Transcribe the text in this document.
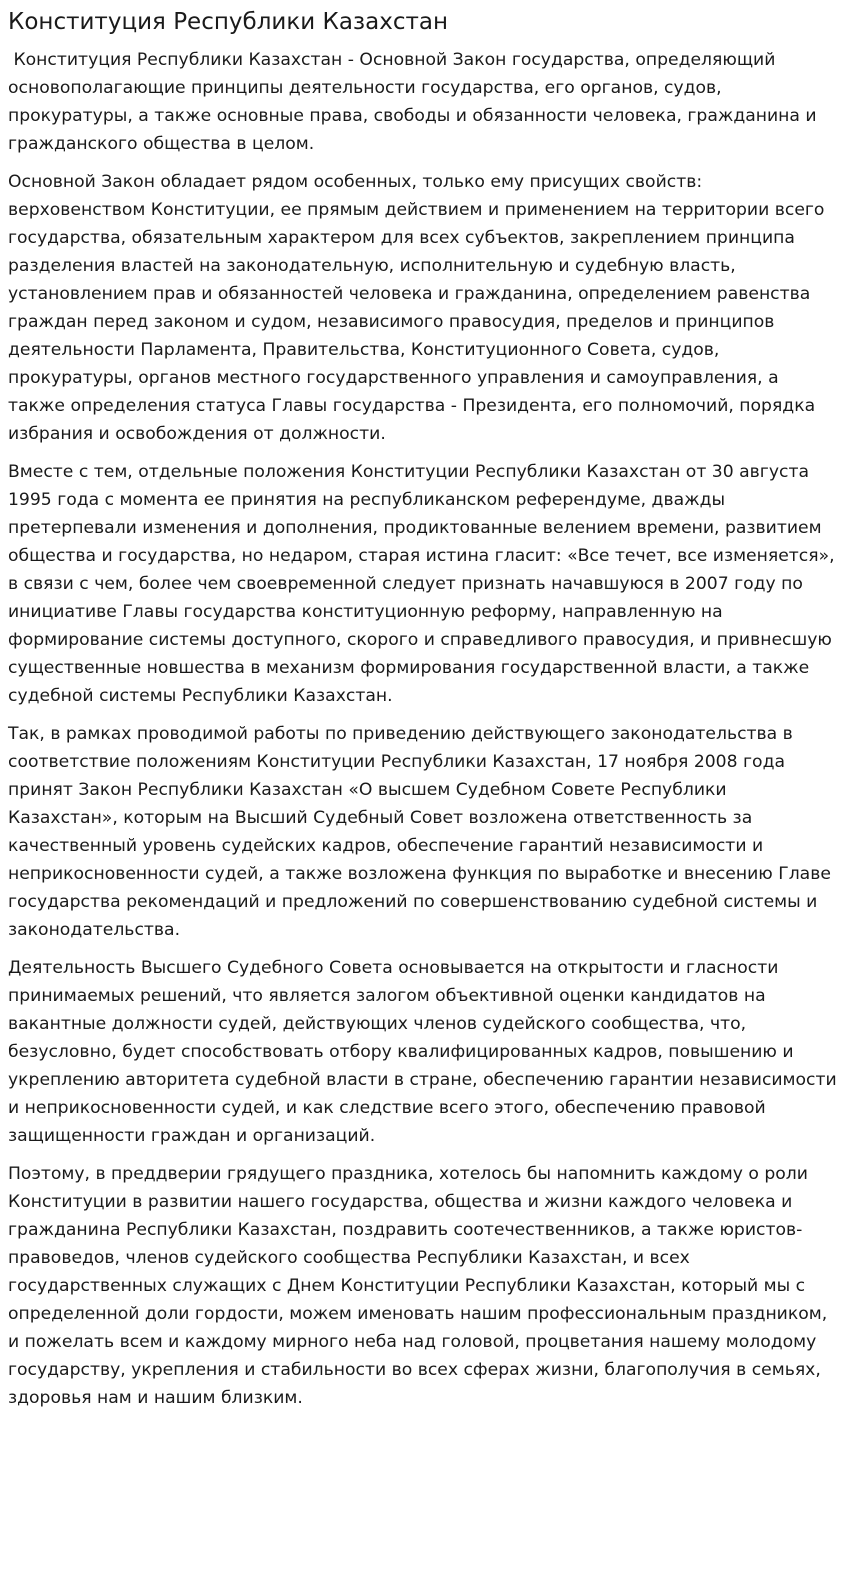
Конституция Республики Казахстан

Конституция Республики Казахстан - Основной Закон государства, определяющий основополагающие принципы деятельности государства, его органов, судов, прокуратуры, а также основные права, свободы и обязанности человека, гражданина и гражданского общества в целом.

Основной Закон обладает рядом особенных, только ему присущих свойств: верховенством Конституции, ее прямым действием и применением на территории всего государства, обязательным характером для всех субъектов, закреплением принципа разделения властей на законодательную, исполнительную и судебную власть, установлением прав и обязанностей человека и гражданина, определением равенства граждан перед законом и судом, независимого правосудия, пределов и принципов деятельности Парламента, Правительства, Конституционного Совета, судов, прокуратуры, органов местного государственного управления и самоуправления, а также определения статуса Главы государства - Президента, его полномочий, порядка избрания и освобождения от должности.

Вместе с тем, отдельные положения Конституции Республики Казахстан от 30 августа 1995 года с момента ее принятия на республиканском референдуме, дважды претерпевали изменения и дополнения, продиктованные велением времени, развитием общества и государства, но недаром, старая истина гласит: «Все течет, все изменяется», в связи с чем, более чем своевременной следует признать начавшуюся в 2007 году по инициативе Главы государства конституционную реформу, направленную на формирование системы доступного, скорого и справедливого правосудия, и привнесшую существенные новшества в механизм формирования государственной власти, а также судебной системы Республики Казахстан.

Так, в рамках проводимой работы по приведению действующего законодательства в соответствие положениям Конституции Республики Казахстан, 17 ноября 2008 года принят Закон Республики Казахстан «О высшем Судебном Совете Республики Казахстан», которым на Высший Судебный Совет возложена ответственность за качественный уровень судейских кадров, обеспечение гарантий независимости и неприкосновенности судей, а также возложена функция по выработке и внесению Главе государства рекомендаций и предложений по совершенствованию судебной системы и законодательства.

Деятельность Высшего Судебного Совета основывается на открытости и гласности принимаемых решений, что является залогом объективной оценки кандидатов на вакантные должности судей, действующих членов судейского сообщества, что, безусловно, будет способствовать отбору квалифицированных кадров, повышению и укреплению авторитета судебной власти в стране, обеспечению гарантии независимости и неприкосновенности судей, и как следствие всего этого, обеспечению правовой защищенности граждан и организаций.

Поэтому, в преддверии грядущего праздника, хотелось бы напомнить каждому о роли Конституции в развитии нашего государства, общества и жизни каждого человека и гражданина Республики Казахстан, поздравить соотечественников, а также юристов-правоведов, членов судейского сообщества Республики Казахстан, и всех государственных служащих с Днем Конституции Республики Казахстан, который мы с определенной доли гордости, можем именовать нашим профессиональным праздником, и пожелать всем и каждому мирного неба над головой, процветания нашему молодому государству, укрепления и стабильности во всех сферах жизни, благополучия в семьях, здоровья нам и нашим близким.
